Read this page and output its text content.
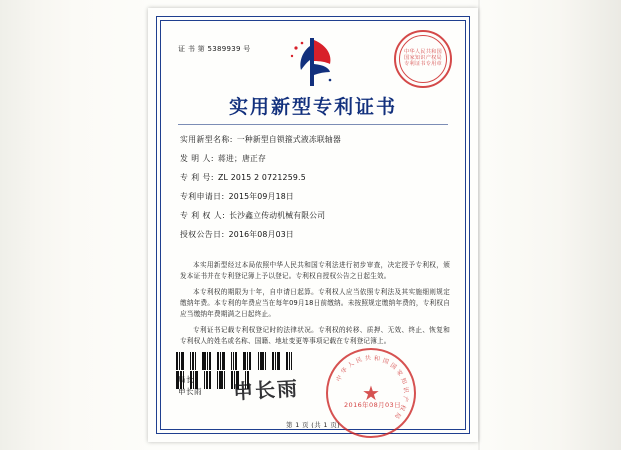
证 书 第 5389939 号
实用新型专利证书
实用新型名称: 一种新型自锁箍式液冻联轴器
发 明 人: 蒋进；唐正存
专 利 号: ZL 2015 2 0721259.5
专利申请日: 2015年09月18日
专 利 权 人: 长沙鑫立传动机械有限公司
授权公告日: 2016年08月03日

本实用新型经过本局依照中华人民共和国专利法进行初步审查，决定授予专利权，颁发本证书并在专利登记簿上予以登记。专利权自授权公告之日起生效。

本专利权的期限为十年，自申请日起算。专利权人应当依照专利法及其实施细则规定缴纳年费。本专利的年费应当在每年09月18日前缴纳。未按照规定缴纳年费的，专利权自应当缴纳年费期满之日起终止。

专利证书记载专利权登记时的法律状况。专利权的转移、质押、无效、终止、恢复和专利权人的姓名或名称、国籍、地址变更等事项记载在专利登记簿上。

局长
申长雨 申长雨
中华人民共和国国家知识产权局专利证书专用章
中
华
人 民 共 和 国
国
家
知
识
产
权
局
★
2016年08月03日
第 1 页 (共 1 页)
